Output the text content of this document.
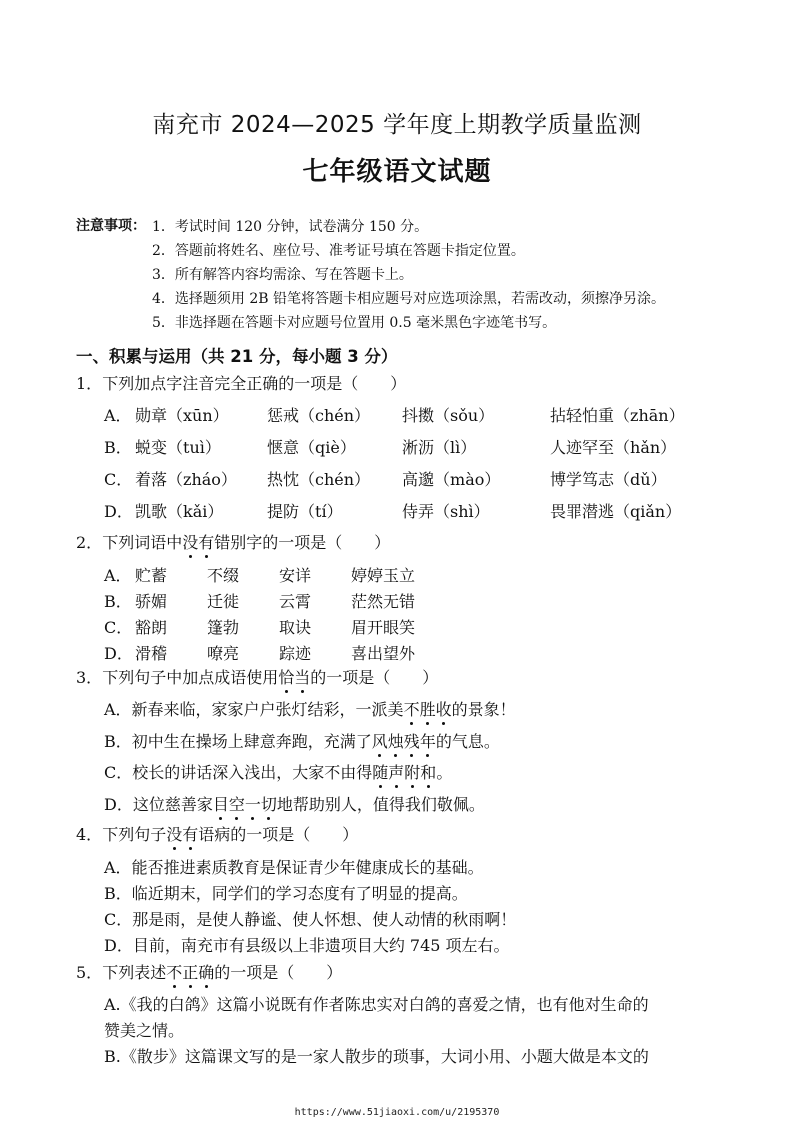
南充市 2024—2025 学年度上期教学质量监测
七年级语文试题
注意事项： 1．考试时间 120 分钟，试卷满分 150 分。
2．答题前将姓名、座位号、准考证号填在答题卡指定位置。
3．所有解答内容均需涂、写在答题卡上。
4．选择题须用 2B 铅笔将答题卡相应题号对应选项涂黑，若需改动，须擦净另涂。
5．非选择题在答题卡对应题号位置用 0.5 毫米黑色字迹笔书写。
一、积累与运用（共 21 分，每小题 3 分）
1．下列加点字注音完全正确的一项是（ ）
A． 勋章（xūn） 惩戒（chén） 抖擞（sǒu）	拈轻怕重（zhān）
B． 蜕变（tuì）	惬意（qiè）	淅沥（lì）	人迹罕至（hǎn）
C． 着落（zháo） 热忱（chén） 高邈（mào）	博学笃志（dǔ）
D． 凯歌（kǎi）	提防（tí）	侍弄（shì）	畏罪潜逃（qiǎn）
2．下列词语中没有错别字的一项是（ ）
A． 贮蓄 不缀 安详 婷婷玉立
B． 骄媚 迁徙 云霄 茫然无错
C． 豁朗 篷勃 取诀 眉开眼笑
D． 滑稽 嘹亮 踪迹 喜出望外
3．下列句子中加点成语使用恰当的一项是（ ）
A．新春来临，家家户户张灯结彩，一派美不胜收的景象！
B．初中生在操场上肆意奔跑，充满了风烛残年的气息。
C．校长的讲话深入浅出，大家不由得随声附和。
D．这位慈善家目空一切地帮助别人，值得我们敬佩。
4．下列句子没有语病的一项是（ ）
A．能否推进素质教育是保证青少年健康成长的基础。
B．临近期末，同学们的学习态度有了明显的提高。
C．那是雨，是使人静谧、使人怀想、使人动情的秋雨啊！
D．目前，南充市有县级以上非遗项目大约 745 项左右。
5．下列表述不正确的一项是（ ）
A.《我的白鸽》这篇小说既有作者陈忠实对白鸽的喜爱之情，也有他对生命的
赞美之情。
B.《散步》这篇课文写的是一家人散步的琐事，大词小用、小题大做是本文的
https://www.51jiaoxi.com/u/2195370
